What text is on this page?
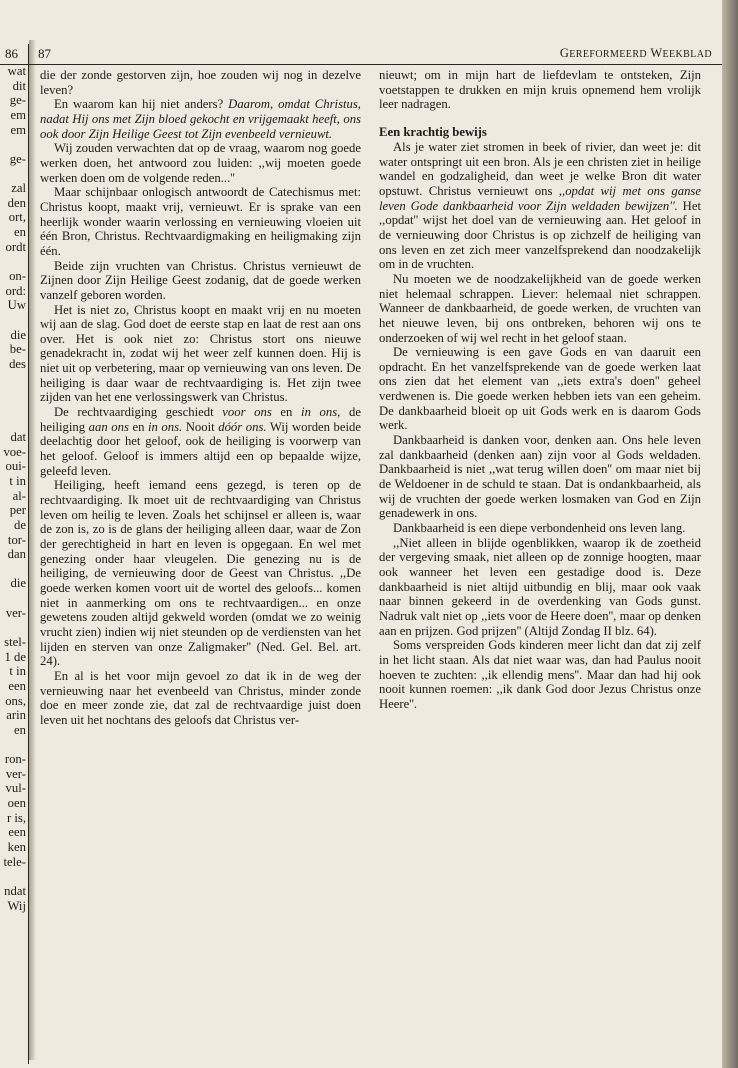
86 87	GEREFORMEERD WEEKBLAD
wat
dit
ge-
em
em
ge-
zal
den
ort,
en
ordt
on-
ord:
Uw
die
be-
des
dat
voe-
oui-
t in
al-
per
de
tor-
dan
die
ver-
stel-
1 de
t in
een
ons,
arin
en
ron-
ver-
vul-
oen
r is,
een
ken
tele-
ndat
Wij

die der zonde gestorven zijn, hoe zouden wij nog in dezelve leven?

En waarom kan hij niet anders? Daarom, omdat Christus, nadat Hij ons met Zijn bloed gekocht en vrijgemaakt heeft, ons ook door Zijn Heilige Geest tot Zijn evenbeeld vernieuwt.

Wij zouden verwachten dat op de vraag, waarom nog goede werken doen, het antwoord zou luiden: ,,wij moeten goede werken doen om de volgende reden...''

Maar schijnbaar onlogisch antwoordt de Catechismus met: Christus koopt, maakt vrij, vernieuwt. Er is sprake van een heerlijk wonder waarin verlossing en vernieuwing vloeien uit één Bron, Christus. Rechtvaardigmaking en heiligmaking zijn één.

Beide zijn vruchten van Christus. Christus vernieuwt de Zijnen door Zijn Heilige Geest zodanig, dat de goede werken vanzelf geboren worden.

Het is niet zo, Christus koopt en maakt vrij en nu moeten wij aan de slag. God doet de eerste stap en laat de rest aan ons over. Het is ook niet zo: Christus stort ons nieuwe genadekracht in, zodat wij het weer zelf kunnen doen. Hij is niet uit op verbetering, maar op vernieuwing van ons leven. De heiliging is daar waar de rechtvaardiging is. Het zijn twee zijden van het ene verlossingswerk van Christus.

De rechtvaardiging geschiedt voor ons en in ons, de heiliging aan ons en in ons. Nooit dóór ons. Wij worden beide deelachtig door het geloof, ook de heiliging is voorwerp van het geloof. Geloof is immers altijd een op bepaalde wijze, geleefd leven.

Heiliging, heeft iemand eens gezegd, is teren op de rechtvaardiging. Ik moet uit de rechtvaardiging van Christus leven om heilig te leven. Zoals het schijnsel er alleen is, waar de zon is, zo is de glans der heiliging alleen daar, waar de Zon der gerechtigheid in hart en leven is opgegaan. En wel met genezing onder haar vleugelen. Die genezing nu is de heiliging, de vernieuwing door de Geest van Christus. ,,De goede werken komen voort uit de wortel des geloofs... komen niet in aanmerking om ons te rechtvaardigen... en onze gewetens zouden altijd gekweld worden (omdat we zo weinig vrucht zien) indien wij niet steunden op de verdiensten van het lijden en sterven van onze Zaligmaker'' (Ned. Gel. Bel. art. 24).

En al is het voor mijn gevoel zo dat ik in de weg der vernieuwing naar het evenbeeld van Christus, minder zonde doe en meer zonde zie, dat zal de rechtvaardige juist doen leven uit het nochtans des geloofs dat Christus ver-

nieuwt; om in mijn hart de liefdevlam te ontsteken, Zijn voetstappen te drukken en mijn kruis opnemend hem vrolijk leer nadragen.

Een krachtig bewijs

Als je water ziet stromen in beek of rivier, dan weet je: dit water ontspringt uit een bron. Als je een christen ziet in heilige wandel en godzaligheid, dan weet je welke Bron dit water opstuwt. Christus vernieuwt ons ,,opdat wij met ons ganse leven Gode dankbaarheid voor Zijn weldaden bewijzen''. Het ,,opdat'' wijst het doel van de vernieuwing aan. Het geloof in de vernieuwing door Christus is op zichzelf de heiliging van ons leven en zet zich meer vanzelfsprekend dan noodzakelijk om in de vruchten.

Nu moeten we de noodzakelijkheid van de goede werken niet helemaal schrappen. Liever: helemaal niet schrappen. Wanneer de dankbaarheid, de goede werken, de vruchten van het nieuwe leven, bij ons ontbreken, behoren wij ons te onderzoeken of wij wel recht in het geloof staan.

De vernieuwing is een gave Gods en van daaruit een opdracht. En het vanzelfsprekende van de goede werken laat ons zien dat het element van ,,iets extra's doen'' geheel verdwenen is. Die goede werken hebben iets van een geheim. De dankbaarheid bloeit op uit Gods werk en is daarom Gods werk.

Dankbaarheid is danken voor, denken aan. Ons hele leven zal dankbaarheid (denken aan) zijn voor al Gods weldaden. Dankbaarheid is niet ,,wat terug willen doen'' om maar niet bij de Weldoener in de schuld te staan. Dat is ondankbaarheid, als wij de vruchten der goede werken losmaken van God en Zijn genadewerk in ons.

Dankbaarheid is een diepe verbondenheid ons leven lang.

,,Niet alleen in blijde ogenblikken, waarop ik de zoetheid der vergeving smaak, niet alleen op de zonnige hoogten, maar ook wanneer het leven een gestadige dood is. Deze dankbaarheid is niet altijd uitbundig en blij, maar ook vaak naar binnen gekeerd in de overdenking van Gods gunst. Nadruk valt niet op ,,iets voor de Heere doen'', maar op denken aan en prijzen. God prijzen'' (Altijd Zondag II blz. 64).

Soms verspreiden Gods kinderen meer licht dan dat zij zelf in het licht staan. Als dat niet waar was, dan had Paulus nooit hoeven te zuchten: ,,ik ellendig mens''. Maar dan had hij ook nooit kunnen roemen: ,,ik dank God door Jezus Christus onze Heere''.
